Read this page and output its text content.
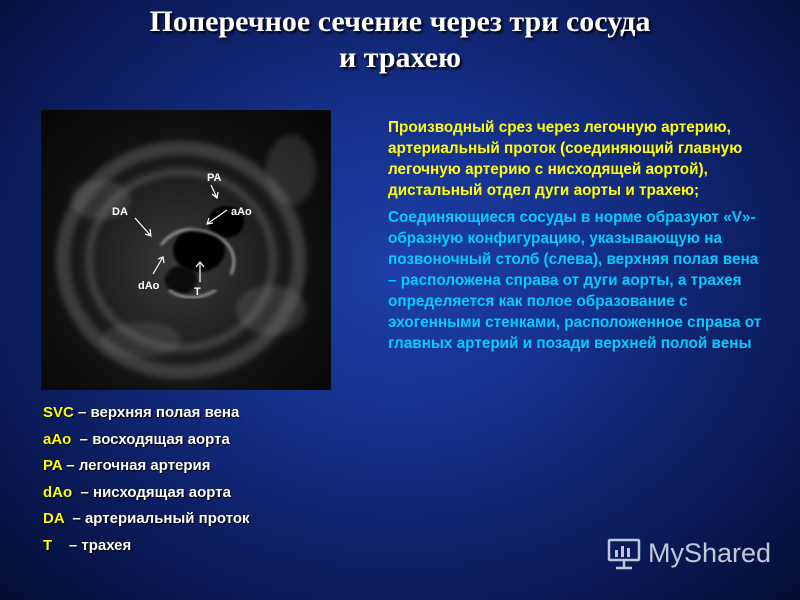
Поперечное сечение через три сосуда
и трахею
PA
DA	aAo
dAo	T
SVC – верхняя полая вена
aAo  – восходящая аорта
PA – легочная артерия
dAo  – нисходящая аорта
DA  – артериальный проток
T    – трахея

Производный срез через легочную артерию, артериальный проток (соединяющий главную легочную артерию с нисходящей аортой), дистальный отдел дуги аорты и трахею;

Соединяющиеся сосуды в норме образуют «V»-образную конфигурацию, указывающую на позвоночный столб (слева), верхняя полая вена – расположена справа от дуги аорты, а трахея определяется как полое образование с эхогенными стенками, расположенное справа от главных артерий и позади верхней полой вены

MyShared
